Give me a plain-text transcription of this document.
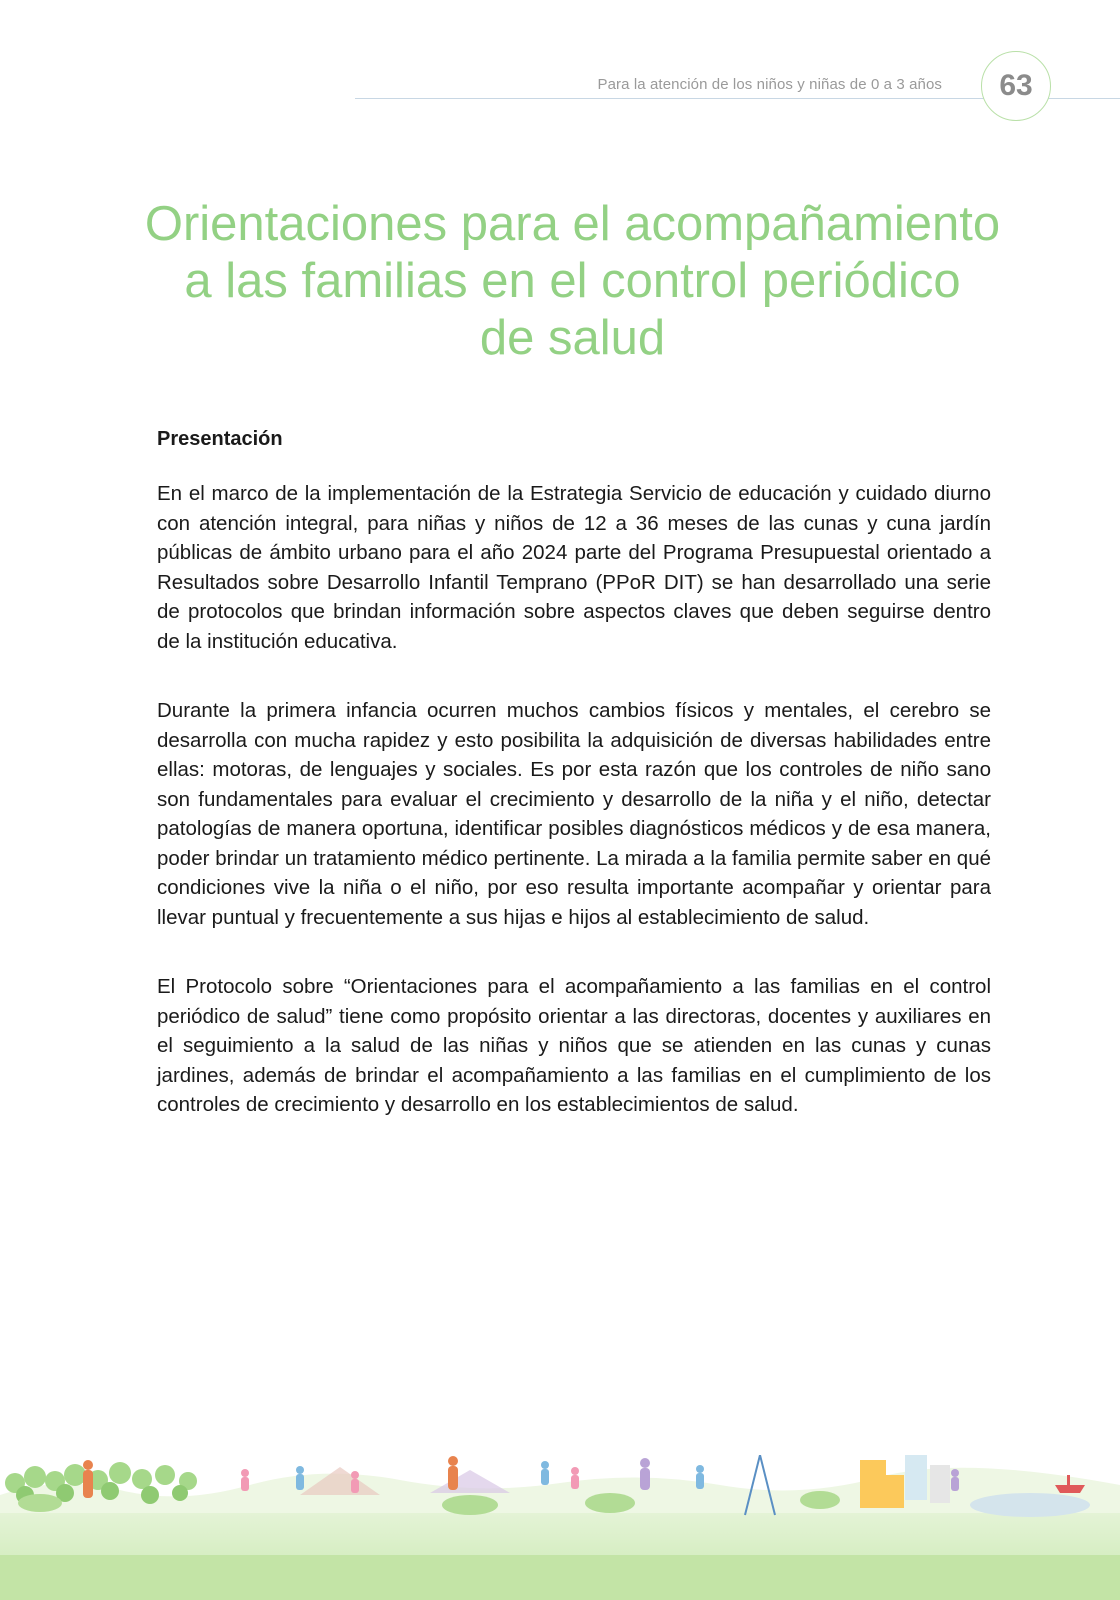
Para la atención de los niños y niñas de 0 a 3 años 63
Orientaciones para el acompañamiento
a las familias en el control periódico
de salud
Presentación

En el marco de la implementación de la Estrategia Servicio de educación y cuidado diurno con atención integral, para niñas y niños de 12 a 36 meses de las cunas y cuna jardín públicas de ámbito urbano para el año 2024 parte del Programa Presupuestal orientado a Resultados sobre Desarrollo Infantil Temprano (PPoR DIT) se han desarrollado una serie de protocolos que brindan información sobre aspectos claves que deben seguirse dentro de la institución educativa.

Durante la primera infancia ocurren muchos cambios físicos y mentales, el cerebro se desarrolla con mucha rapidez y esto posibilita la adquisición de diversas habilidades entre ellas: motoras, de lenguajes y sociales. Es por esta razón que los controles de niño sano son fundamentales para evaluar el crecimiento y desarrollo de la niña y el niño, detectar patologías de manera oportuna, identificar posibles diagnósticos médicos y de esa manera, poder brindar un tratamiento médico pertinente. La mirada a la familia permite saber en qué condiciones vive la niña o el niño, por eso resulta importante acompañar y orientar para llevar puntual y frecuentemente a sus hijas e hijos al establecimiento de salud.

El Protocolo sobre “Orientaciones para el acompañamiento a las familias en el control periódico de salud” tiene como propósito orientar a las directoras, docentes y auxiliares en el seguimiento a la salud de las niñas y niños que se atienden en las cunas y cunas jardines, además de brindar el acompañamiento a las familias en el cumplimiento de los controles de crecimiento y desarrollo en los establecimientos de salud.
